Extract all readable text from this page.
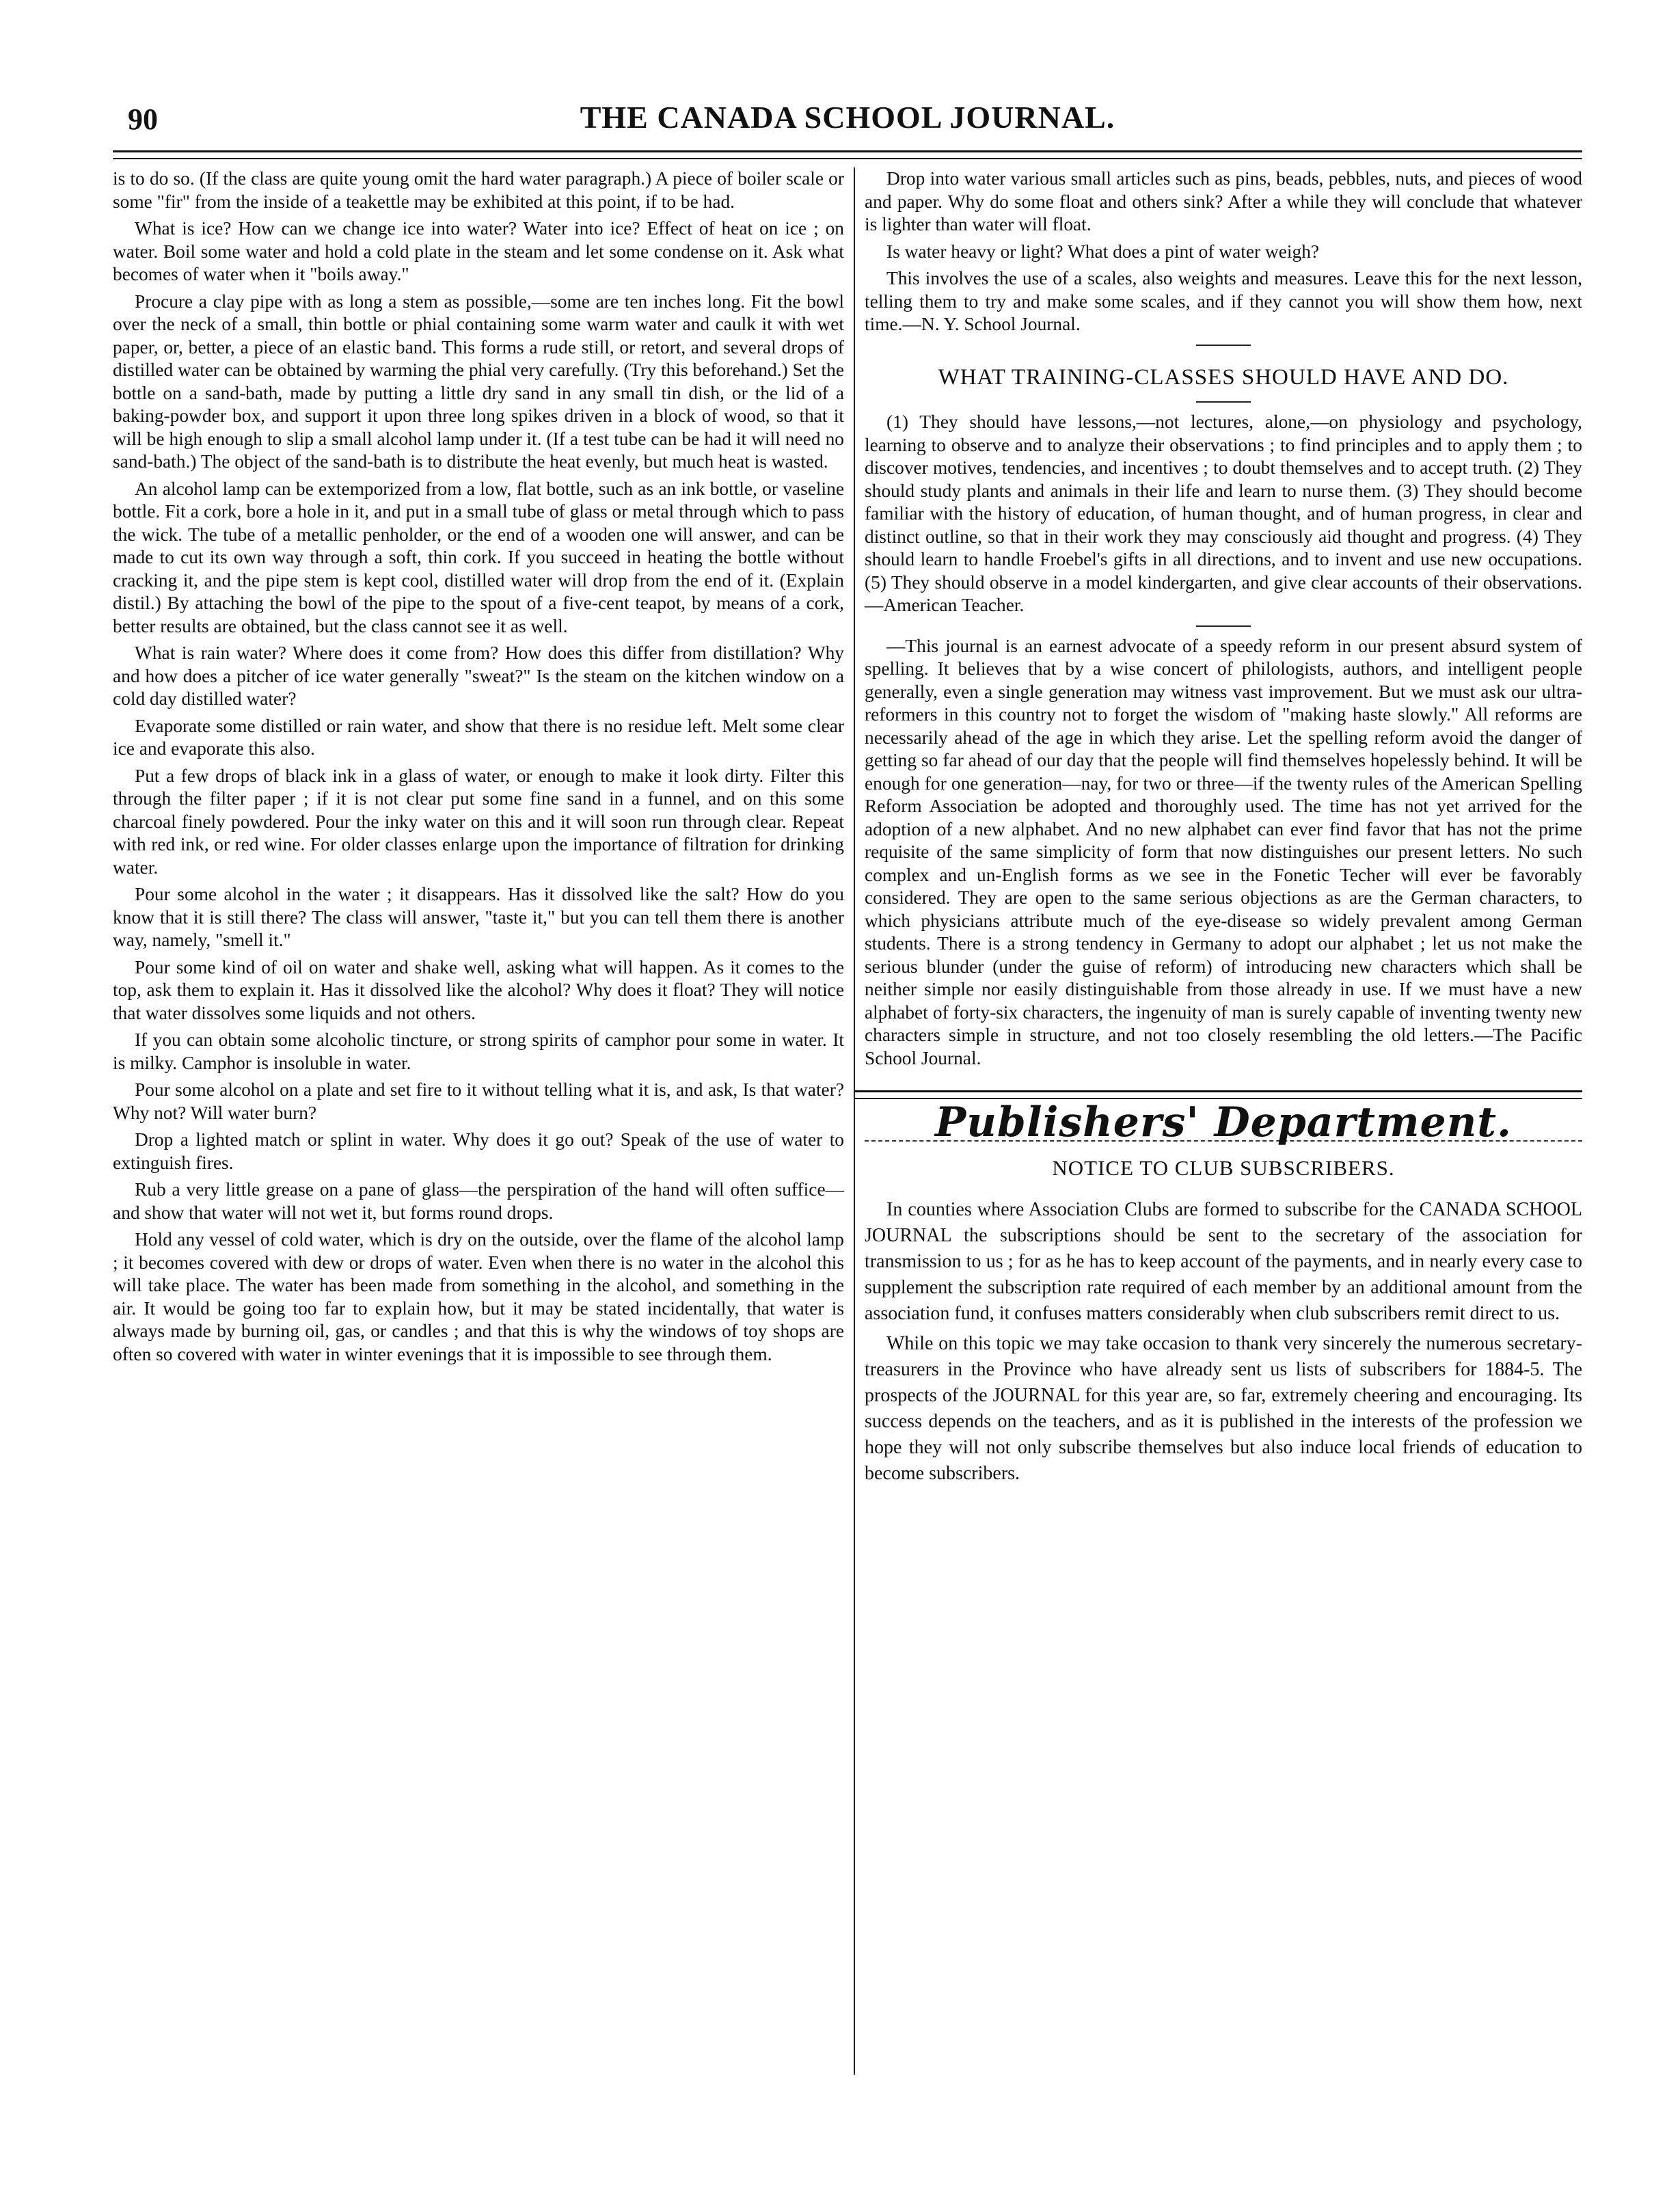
90	THE CANADA SCHOOL JOURNAL.

is to do so. (If the class are quite young omit the hard water paragraph.) A piece of boiler scale or some "fir" from the inside of a teakettle may be exhibited at this point, if to be had.

What is ice? How can we change ice into water? Water into ice? Effect of heat on ice ; on water. Boil some water and hold a cold plate in the steam and let some condense on it. Ask what becomes of water when it "boils away."

Procure a clay pipe with as long a stem as possible,—some are ten inches long. Fit the bowl over the neck of a small, thin bottle or phial containing some warm water and caulk it with wet paper, or, better, a piece of an elastic band. This forms a rude still, or retort, and several drops of distilled water can be obtained by warming the phial very carefully. (Try this beforehand.) Set the bottle on a sand-bath, made by putting a little dry sand in any small tin dish, or the lid of a baking-powder box, and support it upon three long spikes driven in a block of wood, so that it will be high enough to slip a small alcohol lamp under it. (If a test tube can be had it will need no sand-bath.) The object of the sand-bath is to distribute the heat evenly, but much heat is wasted.

An alcohol lamp can be extemporized from a low, flat bottle, such as an ink bottle, or vaseline bottle. Fit a cork, bore a hole in it, and put in a small tube of glass or metal through which to pass the wick. The tube of a metallic penholder, or the end of a wooden one will answer, and can be made to cut its own way through a soft, thin cork. If you succeed in heating the bottle without cracking it, and the pipe stem is kept cool, distilled water will drop from the end of it. (Explain distil.) By attaching the bowl of the pipe to the spout of a five-cent teapot, by means of a cork, better results are obtained, but the class cannot see it as well.

What is rain water? Where does it come from? How does this differ from distillation? Why and how does a pitcher of ice water generally "sweat?" Is the steam on the kitchen window on a cold day distilled water?

Evaporate some distilled or rain water, and show that there is no residue left. Melt some clear ice and evaporate this also.

Put a few drops of black ink in a glass of water, or enough to make it look dirty. Filter this through the filter paper ; if it is not clear put some fine sand in a funnel, and on this some charcoal finely powdered. Pour the inky water on this and it will soon run through clear. Repeat with red ink, or red wine. For older classes enlarge upon the importance of filtration for drinking water.

Pour some alcohol in the water ; it disappears. Has it dissolved like the salt? How do you know that it is still there? The class will answer, "taste it," but you can tell them there is another way, namely, "smell it."

Pour some kind of oil on water and shake well, asking what will happen. As it comes to the top, ask them to explain it. Has it dissolved like the alcohol? Why does it float? They will notice that water dissolves some liquids and not others.

If you can obtain some alcoholic tincture, or strong spirits of camphor pour some in water. It is milky. Camphor is insoluble in water.

Pour some alcohol on a plate and set fire to it without telling what it is, and ask, Is that water? Why not? Will water burn?

Drop a lighted match or splint in water. Why does it go out? Speak of the use of water to extinguish fires.

Rub a very little grease on a pane of glass—the perspiration of the hand will often suffice—and show that water will not wet it, but forms round drops.

Hold any vessel of cold water, which is dry on the outside, over the flame of the alcohol lamp ; it becomes covered with dew or drops of water. Even when there is no water in the alcohol this will take place. The water has been made from something in the alcohol, and something in the air. It would be going too far to explain how, but it may be stated incidentally, that water is always made by burning oil, gas, or candles ; and that this is why the windows of toy shops are often so covered with water in winter evenings that it is impossible to see through them.

Drop into water various small articles such as pins, beads, pebbles, nuts, and pieces of wood and paper. Why do some float and others sink? After a while they will conclude that whatever is lighter than water will float.

Is water heavy or light? What does a pint of water weigh?

This involves the use of a scales, also weights and measures. Leave this for the next lesson, telling them to try and make some scales, and if they cannot you will show them how, next time.—N. Y. School Journal.

WHAT TRAINING-CLASSES SHOULD HAVE AND DO.

(1) They should have lessons,—not lectures, alone,—on physiology and psychology, learning to observe and to analyze their observations ; to find principles and to apply them ; to discover motives, tendencies, and incentives ; to doubt themselves and to accept truth. (2) They should study plants and animals in their life and learn to nurse them. (3) They should become familiar with the history of education, of human thought, and of human progress, in clear and distinct outline, so that in their work they may consciously aid thought and progress. (4) They should learn to handle Froebel's gifts in all directions, and to invent and use new occupations. (5) They should observe in a model kindergarten, and give clear accounts of their observations.—American Teacher.

—This journal is an earnest advocate of a speedy reform in our present absurd system of spelling. It believes that by a wise concert of philologists, authors, and intelligent people generally, even a single generation may witness vast improvement. But we must ask our ultra-reformers in this country not to forget the wisdom of "making haste slowly." All reforms are necessarily ahead of the age in which they arise. Let the spelling reform avoid the danger of getting so far ahead of our day that the people will find themselves hopelessly behind. It will be enough for one generation—nay, for two or three—if the twenty rules of the American Spelling Reform Association be adopted and thoroughly used. The time has not yet arrived for the adoption of a new alphabet. And no new alphabet can ever find favor that has not the prime requisite of the same simplicity of form that now distinguishes our present letters. No such complex and un-English forms as we see in the Fonetic Techer will ever be favorably considered. They are open to the same serious objections as are the German characters, to which physicians attribute much of the eye-disease so widely prevalent among German students. There is a strong tendency in Germany to adopt our alphabet ; let us not make the serious blunder (under the guise of reform) of introducing new characters which shall be neither simple nor easily distinguishable from those already in use. If we must have a new alphabet of forty-six characters, the ingenuity of man is surely capable of inventing twenty new characters simple in structure, and not too closely resembling the old letters.—The Pacific School Journal.

Publishers' Department.
NOTICE TO CLUB SUBSCRIBERS.

In counties where Association Clubs are formed to subscribe for the CANADA SCHOOL JOURNAL the subscriptions should be sent to the secretary of the association for transmission to us ; for as he has to keep account of the payments, and in nearly every case to supplement the subscription rate required of each member by an additional amount from the association fund, it confuses matters considerably when club subscribers remit direct to us.

While on this topic we may take occasion to thank very sincerely the numerous secretary-treasurers in the Province who have already sent us lists of subscribers for 1884-5. The prospects of the JOURNAL for this year are, so far, extremely cheering and encouraging. Its success depends on the teachers, and as it is published in the interests of the profession we hope they will not only subscribe themselves but also induce local friends of education to become subscribers.
